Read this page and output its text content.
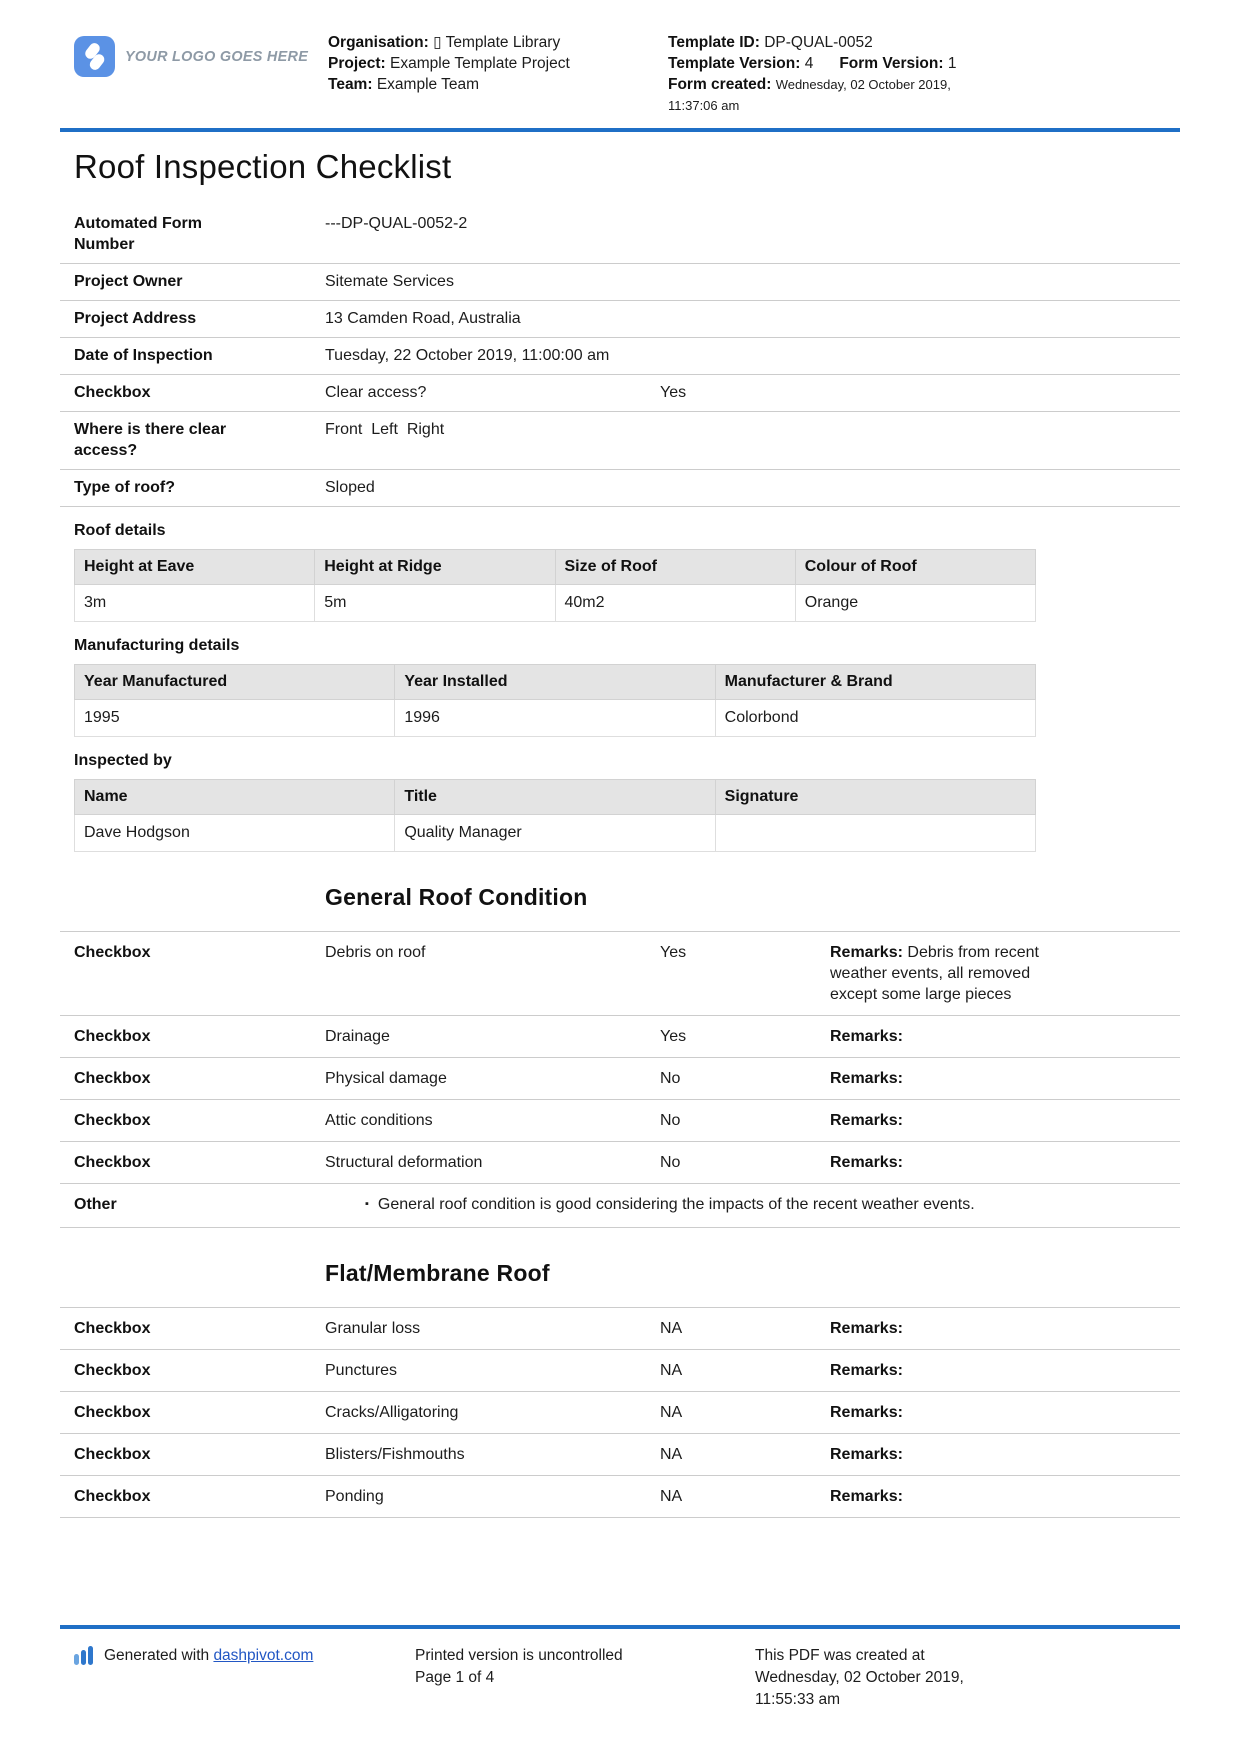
YOUR LOGO GOES HERE
Organisation: ▯ Template Library
Project: Example Template Project
Team: Example Team
Template ID: DP-QUAL-0052
Template Version: 4 Form Version: 1
Form created: Wednesday, 02 October 2019, 11:37:06 am
Roof Inspection Checklist
Automated Form Number
---DP-QUAL-0052-2
Project Owner	Sitemate Services
Project Address	13 Camden Road, Australia
Date of Inspection	Tuesday, 22 October 2019, 11:00:00 am
Checkbox	Clear access?	Yes
Where is there clear access?
Front  Left  Right
Type of roof?	Sloped
Roof details
Height at Eave	Height at Ridge	Size of Roof	Colour of Roof
3m	5m	40m2	Orange
Manufacturing details
Year Manufactured	Year Installed	Manufacturer & Brand
1995	1996	Colorbond
Inspected by
Name	Title	Signature
Dave Hodgson	Quality Manager	
General Roof Condition
Checkbox	Debris on roof	Yes	Remarks: Debris from recent weather events, all removed except some large pieces
Checkbox	Drainage	Yes	Remarks:
Checkbox	Physical damage	No	Remarks:
Checkbox	Attic conditions	No	Remarks:
Checkbox	Structural deformation	No	Remarks:
Other ▪	General roof condition is good considering the impacts of the recent weather events.
Flat/Membrane Roof
Checkbox	Granular loss	NA	Remarks:
Checkbox	Punctures	NA	Remarks:
Checkbox	Cracks/Alligatoring	NA	Remarks:
Checkbox	Blisters/Fishmouths	NA	Remarks:
Checkbox	Ponding	NA	Remarks:
Generated with dashpivot.com	Printed version is uncontrolled
Page 1 of 4
This PDF was created at Wednesday, 02 October 2019, 11:55:33 am
